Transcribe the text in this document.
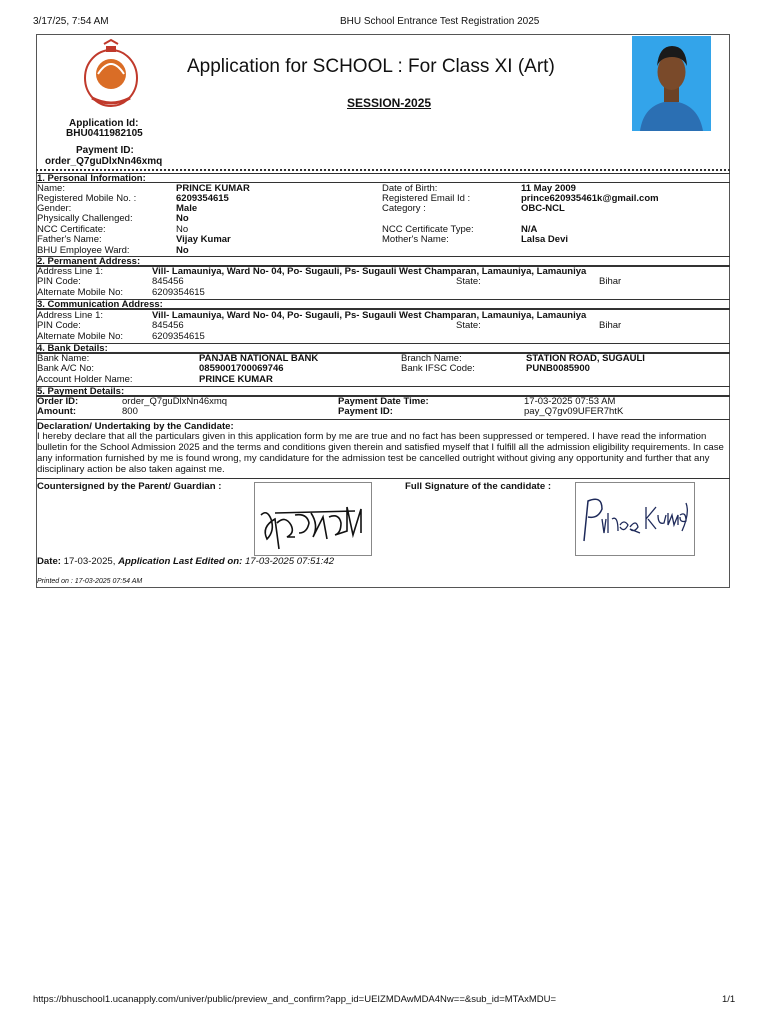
3/17/25, 7:54 AM	BHU School Entrance Test Registration 2025
Application for SCHOOL : For Class XI (Art)
SESSION-2025
Application Id:
BHU0411982105
Payment ID:
order_Q7guDlxNn46xmq
1. Personal Information:
Name:	PRINCE KUMAR	Date of Birth:	11 May 2009
Registered Mobile No. :	6209354615	Registered Email Id :	prince620935461k@gmail.com
Gender:	Male	Category :	OBC-NCL
Physically Challenged:	No
NCC Certificate:	No	NCC Certificate Type:	N/A
Father's Name:	Vijay Kumar	Mother's Name:	Lalsa Devi
BHU Employee Ward:	No
2. Permanent Address:
Address Line 1:	Vill- Lamauniya, Ward No- 04, Po- Sugauli, Ps- Sugauli West Champaran, Lamauniya, Lamauniya
PIN Code:	845456	State:	Bihar
Alternate Mobile No:	6209354615
3. Communication Address:
Address Line 1:	Vill- Lamauniya, Ward No- 04, Po- Sugauli, Ps- Sugauli West Champaran, Lamauniya, Lamauniya
PIN Code:	845456	State:	Bihar
Alternate Mobile No:	6209354615
4. Bank Details:
Bank Name:	PANJAB NATIONAL BANK	Branch Name:	STATION ROAD, SUGAULI
Bank A/C No:	0859001700069746	Bank IFSC Code:	PUNB0085900
Account Holder Name:	PRINCE KUMAR
5. Payment Details:
Order ID:	order_Q7guDlxNn46xmq	Payment Date Time:	17-03-2025 07:53 AM
Amount:	800	Payment ID:	pay_Q7gv09UFER7htK
Declaration/ Undertaking by the Candidate:
I hereby declare that all the particulars given in this application form by me are true and no fact has been suppressed or tempered. I have read the information bulletin for the School Admission 2025 and the terms and conditions given therein and satisfied myself that I fulfill all the admission eligibility requirements. In case any information furnished by me is found wrong, my candidature for the admission test be cancelled outright without giving any opportunity and further that any disciplinary action be also taken against me.
Countersigned by the Parent/ Guardian :	Full Signature of the candidate :
Date: 17-03-2025, Application Last Edited on: 17-03-2025 07:51:42
Printed on : 17-03-2025 07:54 AM
https://bhuschool1.ucanapply.com/univer/public/preview_and_confirm?app_id=UEIZMDAwMDA4Nw==&sub_id=MTAxMDU=	1/1
